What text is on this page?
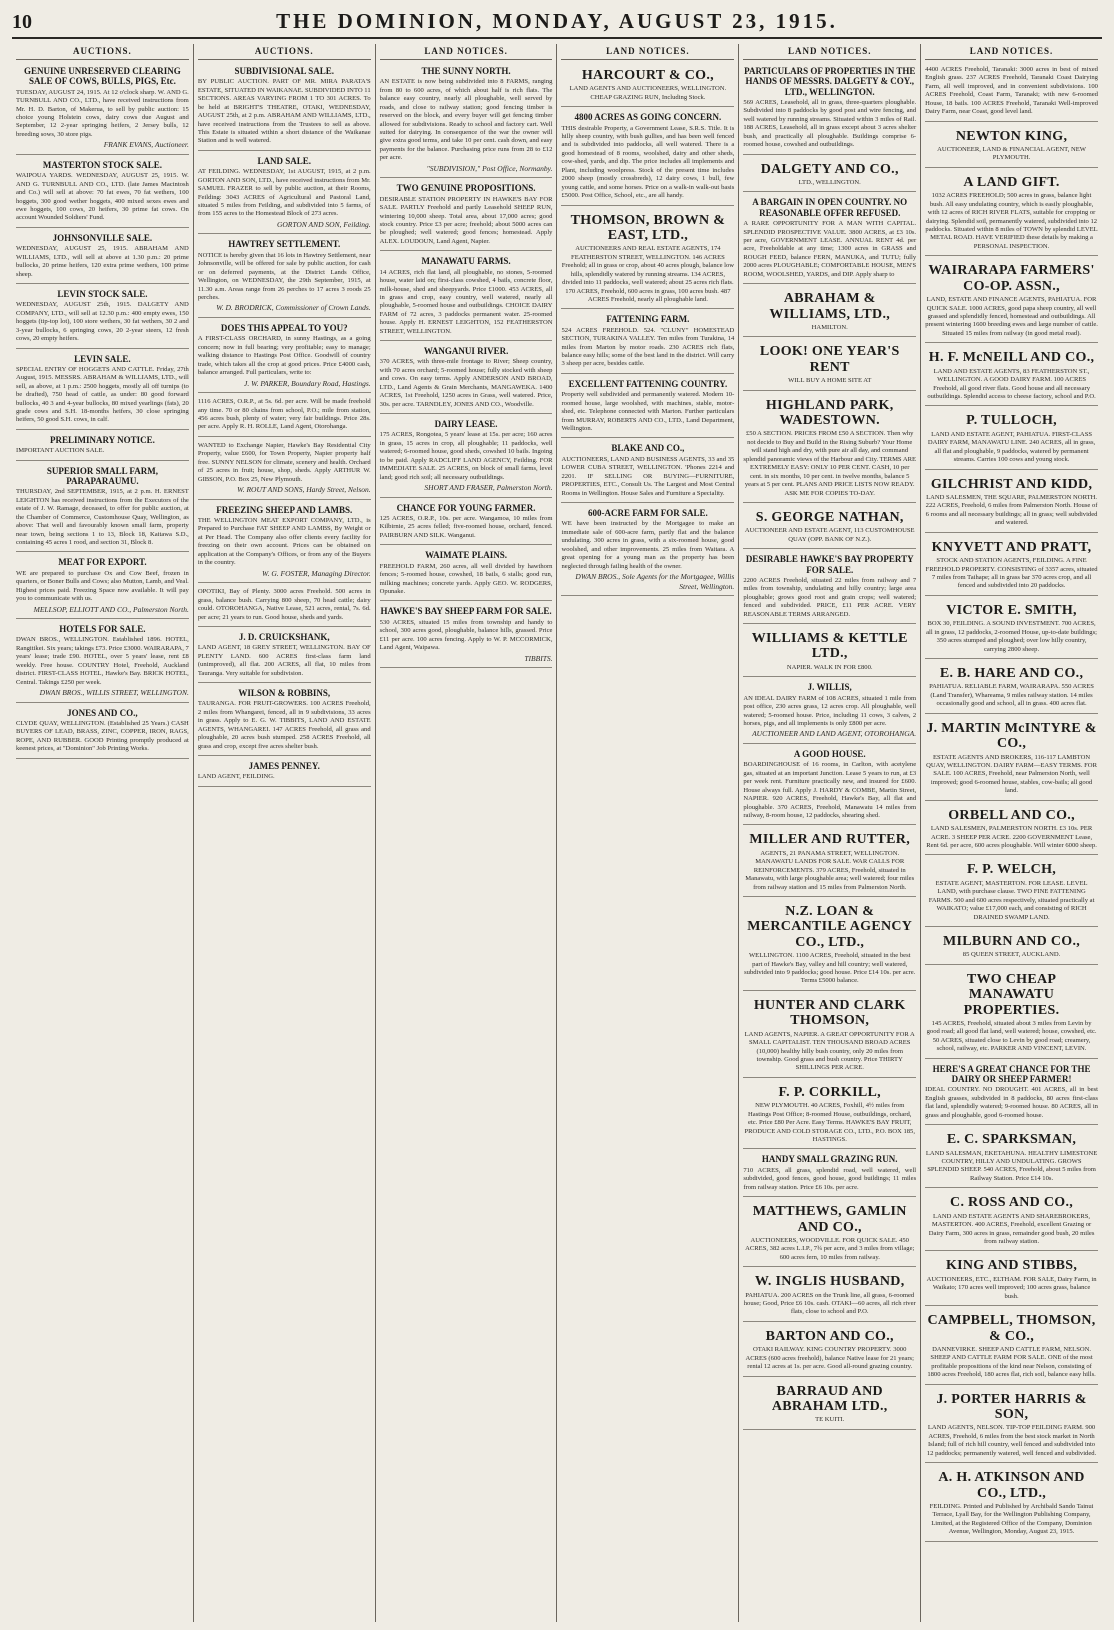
10	THE DOMINION, MONDAY, AUGUST 23, 1915.
AUCTIONS.
GENUINE UNRESERVED CLEARING SALE OF COWS, BULLS, PIGS, Etc.

TUESDAY, AUGUST 24, 1915. At 12 o'clock sharp. W. AND G. TURNBULL AND CO., LTD., have received instructions from Mr. H. D. Barton, of Makerua, to sell by public auction: 15 choice young Holstein cows, dairy cows due August and September, 12 2-year springing heifers, 2 Jersey bulls, 12 breeding sows, 30 store pigs.

FRANK EVANS, Auctioneer.

MASTERTON STOCK SALE.

WAIPOUA YARDS. WEDNESDAY, AUGUST 25, 1915. W. AND G. TURNBULL AND CO., LTD. (late James Macintosh and Co.) will sell at above: 70 fat ewes, 70 fat wethers, 100 hoggets, 300 good wether hoggets, 400 mixed sexes ewes and ewe hoggets, 100 cows, 20 heifers, 30 prime fat cows. On account Wounded Soldiers' Fund.

JOHNSONVILLE SALE.

WEDNESDAY, AUGUST 25, 1915. ABRAHAM AND WILLIAMS, LTD., will sell at above at 1.30 p.m.: 20 prime bullocks, 20 prime heifers, 120 extra prime wethers, 100 prime sheep.

LEVIN STOCK SALE.

WEDNESDAY, AUGUST 25th, 1915. DALGETY AND COMPANY, LTD., will sell at 12.30 p.m.: 400 empty ewes, 150 hoggets (tip-top lot), 100 store wethers, 30 fat wethers, 30 2 and 3-year bullocks, 6 springing cows, 20 2-year steers, 12 fresh cows, 20 empty heifers.

LEVIN SALE.

SPECIAL ENTRY OF HOGGETS AND CATTLE. Friday, 27th August, 1915. MESSRS. ABRAHAM & WILLIAMS, LTD., will sell, as above, at 1 p.m.: 2500 hoggets, mostly all off turnips (to be drafted), 750 head of cattle, as under: 80 good forward bullocks, 40 3 and 4-year bullocks, 80 mixed yearlings (fats), 20 grade cows and S.H. 18-months heifers, 30 close springing heifers, 50 good S.H. cows, in calf.

PRELIMINARY NOTICE.

IMPORTANT AUCTION SALE.

SUPERIOR SMALL FARM, PARAPARAUMU.

THURSDAY, 2nd SEPTEMBER, 1915, at 2 p.m. H. ERNEST LEIGHTON has received instructions from the Executors of the estate of J. W. Ramage, deceased, to offer for public auction, at the Chamber of Commerce, Customhouse Quay, Wellington, as above: That well and favourably known small farm, property near town, being sections 1 to 13, Block 18, Kaitawa S.D., containing 45 acres 1 rood, and section 31, Block 8.

MEAT FOR EXPORT.

WE are prepared to purchase Ox and Cow Beef, frozen in quarters, or Boner Bulls and Cows; also Mutton, Lamb, and Veal. Highest prices paid. Freezing Space now available. It will pay you to communicate with us.

MELLSOP, ELLIOTT AND CO., Palmerston North.

HOTELS FOR SALE.

DWAN BROS., WELLINGTON. Established 1896. HOTEL, Rangitikei. Six years; takings £73. Price £3000. WAIRARAPA, 7 years' lease; trade £90. HOTEL, over 5 years' lease, rent £8 weekly. Free house. COUNTRY Hotel, Freehold, Auckland district. FIRST-CLASS HOTEL, Hawke's Bay. BRICK HOTEL, Central. Takings £250 per week.

DWAN BROS., WILLIS STREET, WELLINGTON.

JONES AND CO.,

CLYDE QUAY, WELLINGTON. (Established 25 Years.) CASH BUYERS OF LEAD, BRASS, ZINC, COPPER, IRON, RAGS, ROPE, AND RUBBER. GOOD Printing promptly produced at keenest prices, at "Dominion" Job Printing Works.

AUCTIONS.
SUBDIVISIONAL SALE.

BY PUBLIC AUCTION. PART OF MR. MIRA PARATA'S ESTATE, SITUATED IN WAIKANAE. SUBDIVIDED INTO 11 SECTIONS. AREAS VARYING FROM 1 TO 301 ACRES. To be held at BRIGHT'S THEATRE, OTAKI, WEDNESDAY, AUGUST 25th, at 2 p.m. ABRAHAM AND WILLIAMS, LTD., have received instructions from the Trustees to sell as above. This Estate is situated within a short distance of the Waikanae Station and is well watered.

LAND SALE.

AT FEILDING. WEDNESDAY, 1st AUGUST, 1915, at 2 p.m. GORTON AND SON, LTD., have received instructions from Mr. SAMUEL FRAZER to sell by public auction, at their Rooms, Feilding: 3043 ACRES of Agricultural and Pastoral Land, situated 5 miles from Feilding, and subdivided into 5 farms, of from 155 acres to the Homestead Block of 273 acres.

GORTON AND SON, Feilding.

HAWTREY SETTLEMENT.

NOTICE is hereby given that 16 lots in Hawtrey Settlement, near Johnsonville, will be offered for sale by public auction, for cash or on deferred payments, at the District Lands Office, Wellington, on WEDNESDAY, the 29th September, 1915, at 11.30 a.m. Areas range from 26 perches to 17 acres 3 roods 25 perches.

W. D. BRODRICK, Commissioner of Crown Lands.

DOES THIS APPEAL TO YOU?

A FIRST-CLASS ORCHARD, in sunny Hastings, as a going concern; now in full bearing; very profitable; easy to manage; walking distance to Hastings Post Office. Goodwill of country trade, which takes all the crop at good prices. Price £4000 cash, balance arranged. Full particulars, write to:

J. W. PARKER, Boundary Road, Hastings.

1116 ACRES, O.R.P., at 5s. 6d. per acre. Will be made freehold any time. 70 or 80 chains from school, P.O.; mile from station, 456 acres bush, plenty of water; very fair buildings. Price 28s. per acre. Apply R. H. ROLLE, Land Agent, Otorohanga.

WANTED to Exchange Napier, Hawke's Bay Residential City Property, value £600, for Town Property, Napier property half free. SUNNY NELSON for climate, scenery and health. Orchard of 25 acres in fruit; house, shop, sheds. Apply ARTHUR W. GIBSON, P.O. Box 25, New Plymouth.

W. ROUT AND SONS, Hardy Street, Nelson.

FREEZING SHEEP AND LAMBS.

THE WELLINGTON MEAT EXPORT COMPANY, LTD., is Prepared to Purchase FAT SHEEP AND LAMBS, By Weight or at Per Head. The Company also offer clients every facility for freezing on their own account. Prices can be obtained on application at the Company's Offices, or from any of the Buyers in the country.

W. G. FOSTER, Managing Director.

OPOTIKI, Bay of Plenty. 3000 acres Freehold. 500 acres in grass, balance bush. Carrying 800 sheep, 70 head cattle; dairy could. OTOROHANGA, Native Lease, 521 acres, rental, 7s. 6d. per acre; 21 years to run. Good house, sheds and yards.

J. D. CRUICKSHANK,

LAND AGENT, 18 GREY STREET, WELLINGTON. BAY OF PLENTY LAND. 600 ACRES first-class farm land (unimproved), all flat. 200 ACRES, all flat, 10 miles from Tauranga. Very suitable for subdivision.

WILSON & ROBBINS,

TAURANGA. FOR FRUIT-GROWERS. 100 ACRES Freehold, 2 miles from Whangarei, fenced, all in 9 subdivisions, 33 acres in grass. Apply to E. G. W. TIBBITS, LAND AND ESTATE AGENTS, WHANGAREI. 147 ACRES Freehold, all grass and ploughable, 20 acres bush stumped. 258 ACRES Freehold, all grass and crop, except five acres shelter bush.

JAMES PENNEY.

LAND AGENT, FEILDING.

LAND NOTICES.
THE SUNNY NORTH.

AN ESTATE is now being subdivided into 8 FARMS, ranging from 80 to 600 acres, of which about half is rich flats. The balance easy country, nearly all ploughable, well served by roads, and close to railway station; good fencing timber is reserved on the block, and every buyer will get fencing timber allowed for subdivisions. Ready to school and factory cart. Well suited for dairying. In consequence of the war the owner will give extra good terms, and take 10 per cent. cash down, and easy payments for the balance. Purchasing price runs from 28 to £12 per acre.

"SUBDIVISION," Post Office, Normanby.

TWO GENUINE PROPOSITIONS.

DESIRABLE STATION PROPERTY IN HAWKE'S BAY FOR SALE. PARTLY Freehold and partly Leasehold SHEEP RUN, wintering 10,000 sheep. Total area, about 17,000 acres; good stock country. Price £3 per acre; freehold; about 5000 acres can be ploughed; well watered; good fences; homestead. Apply ALEX. LOUDOUN, Land Agent, Napier.

MANAWATU FARMS.

14 ACRES, rich flat land, all ploughable, no stones, 5-roomed house, water laid on; first-class cowshed, 4 bails, concrete floor, milk-house, shed and sheepyards. Price £1000. 453 ACRES, all in grass and crop, easy country, well watered, nearly all ploughable, 5-roomed house and outbuildings. CHOICE DAIRY FARM of 72 acres, 3 paddocks permanent water. 25-roomed house. Apply H. ERNEST LEIGHTON, 152 FEATHERSTON STREET, WELLINGTON.

WANGANUI RIVER.

370 ACRES, with three-mile frontage to River; Sheep country, with 70 acres orchard; 5-roomed house; fully stocked with sheep and cows. On easy terms. Apply ANDERSON AND BROAD, LTD., Land Agents & Grain Merchants, MANGAWEKA. 1400 ACRES, 1st Freehold, 1250 acres in Grass, well watered. Price, 30s. per acre. TARNDLEY, JONES AND CO., Woodville.

DAIRY LEASE.

175 ACRES, Rongotea, 5 years' lease at 15s. per acre; 160 acres in grass, 15 acres in crop, all ploughable; 11 paddocks, well watered; 6-roomed house, good sheds, cowshed 10 bails. Ingoing to be paid. Apply RADCLIFF LAND AGENCY, Feilding. FOR IMMEDIATE SALE. 25 ACRES, on block of small farms, level land; good rich soil; all necessary outbuildings.

SHORT AND FRASER, Palmerston North.

CHANCE FOR YOUNG FARMER.

125 ACRES, O.R.P., 10s. per acre. Wangamoa, 10 miles from Kilbirnie, 25 acres felled; five-roomed house, orchard, fenced. PAIRBURN AND SILK. Wanganui.

WAIMATE PLAINS.

FREEHOLD FARM, 260 acres, all well divided by hawthorn fences; 5-roomed house, cowshed, 18 bails, 6 stalls; good run, milking machines; concrete yards. Apply GEO. W. RODGERS, Opunake.

HAWKE'S BAY SHEEP FARM FOR SALE.

530 ACRES, situated 15 miles from township and handy to school, 300 acres good, ploughable, balance hills, grassed. Price £11 per acre. 100 acres fencing. Apply to W. P. MCCORMICK, Land Agent, Waipawa.

TIBBITS.

LAND NOTICES.
HARCOURT & CO.,

LAND AGENTS AND AUCTIONEERS, WELLINGTON. CHEAP GRAZING RUN, Including Stock.

4800 ACRES AS GOING CONCERN.

THIS desirable Property, a Government Lease, S.R.S. Title. It is hilly sheep country, with bush gullies, and has been well fenced and is subdivided into paddocks, all well watered. There is a good homestead of 8 rooms, woolshed, dairy and other sheds, cow-shed, yards, and dip. The price includes all implements and Plant, including woolpress. Stock of the present time includes 2000 sheep (mostly crossbreds), 12 dairy cows, 1 bull, few young cattle, and some horses. Price on a walk-in walk-out basis £5000. Post Office, School, etc., are all handy.

THOMSON, BROWN & EAST, LTD.,

AUCTIONEERS AND REAL ESTATE AGENTS, 174 FEATHERSTON STREET, WELLINGTON. 146 ACRES Freehold; all in grass or crop, about 40 acres plough, balance low hills, splendidly watered by running streams. 134 ACRES, divided into 11 paddocks, well watered; about 25 acres rich flats. 170 ACRES, Freehold, 600 acres in grass, 100 acres bush. 487 ACRES Freehold, nearly all ploughable land.

FATTENING FARM.

524 ACRES FREEHOLD. 524. "CLUNY" HOMESTEAD SECTION, TURAKINA VALLEY. Ten miles from Turakina, 14 miles from Marton by motor roads. 230 ACRES rich flats, balance easy hills; some of the best land in the district. Will carry 3 sheep per acre, besides cattle.

EXCELLENT FATTENING COUNTRY.

Property well subdivided and permanently watered. Modern 10-roomed house, large woolshed, with machines, stable, motor-shed, etc. Telephone connected with Marton. Further particulars from MURRAY, ROBERTS AND CO., LTD., Land Department, Wellington.

BLAKE AND CO.,

AUCTIONEERS, LAND AND BUSINESS AGENTS, 33 and 35 LOWER CUBA STREET, WELLINGTON. 'Phones 2214 and 2201. IF SELLING OR BUYING—FURNITURE, PROPERTIES, ETC., Consult Us. The Largest and Most Central Rooms in Wellington. House Sales and Furniture a Speciality.

600-ACRE FARM FOR SALE.

WE have been instructed by the Mortgagee to make an immediate sale of 600-acre farm, partly flat and the balance undulating. 300 acres in grass, with a six-roomed house, good woolshed, and other improvements. 25 miles from Waitara. A great opening for a young man as the property has been neglected through failing health of the owner.

DWAN BROS., Sole Agents for the Mortgagee, Willis Street, Wellington.

LAND NOTICES.
PARTICULARS OF PROPERTIES IN THE HANDS OF MESSRS. DALGETY & COY., LTD., WELLINGTON.

569 ACRES, Leasehold, all in grass, three-quarters ploughable. Subdivided into 8 paddocks by good post and wire fencing, and well watered by running streams. Situated within 3 miles of Rail. 188 ACRES, Leasehold, all in grass except about 3 acres shelter bush, and practically all ploughable. Buildings comprise 6-roomed house, cowshed and outbuildings.

DALGETY AND CO.,

LTD., WELLINGTON.

A BARGAIN IN OPEN COUNTRY. NO REASONABLE OFFER REFUSED.

A RARE OPPORTUNITY FOR A MAN WITH CAPITAL. SPLENDID PROSPECTIVE VALUE. 3800 ACRES, at £3 10s. per acre, GOVERNMENT LEASE. ANNUAL RENT 4d. per acre, Freeholdable at any time; 1300 acres in GRASS and ROUGH FEED, balance FERN, MANUKA, and TUTU; fully 2000 acres PLOUGHABLE; COMFORTABLE HOUSE, MEN'S ROOM, WOOLSHED, YARDS, and DIP. Apply sharp to

ABRAHAM & WILLIAMS, LTD.,

HAMILTON.

LOOK! ONE YEAR'S RENT

WILL BUY A HOME SITE AT

HIGHLAND PARK, WADESTOWN.

£50 A SECTION. PRICES FROM £50 A SECTION. Then why not decide to Buy and Build in the Rising Suburb? Your Home will stand high and dry, with pure air all day, and command splendid panoramic views of the Harbour and City. TERMS ARE EXTREMELY EASY: ONLY 10 PER CENT. CASH, 10 per cent. in six months, 10 per cent. in twelve months, balance 5 years at 5 per cent. PLANS AND PRICE LISTS NOW READY. ASK ME FOR COPIES TO-DAY.

S. GEORGE NATHAN,

AUCTIONEER AND ESTATE AGENT, 113 CUSTOMHOUSE QUAY (OPP. BANK OF N.Z.).

DESIRABLE HAWKE'S BAY PROPERTY FOR SALE.

2200 ACRES Freehold, situated 22 miles from railway and 7 miles from township, undulating and hilly country; large area ploughable; grows good root and grain crops; well watered; fenced and subdivided. PRICE, £11 PER ACRE. VERY REASONABLE TERMS ARRANGED.

WILLIAMS & KETTLE LTD.,

NAPIER. WALK IN FOR £800.

J. WILLIS,

AN IDEAL DAIRY FARM of 108 ACRES, situated 1 mile from post office, 230 acres grass, 12 acres crop. All ploughable, well watered; 5-roomed house. Price, including 11 cows, 3 calves, 2 horses, pigs, and all implements is only £800 per acre.

AUCTIONEER AND LAND AGENT, OTOROHANGA.

A GOOD HOUSE.

BOARDINGHOUSE of 16 rooms, in Carlton, with acetylene gas, situated at an important Junction. Lease 5 years to run, at £3 per week rent. Furniture practically new, and insured for £600. House always full. Apply J. HARDY & COMBE, Martin Street, NAPIER. 920 ACRES, Freehold, Hawke's Bay, all flat and ploughable. 370 ACRES, Freehold, Manawatu 14 miles from railway, 8-room house, 12 paddocks, shearing shed.

MILLER AND RUTTER,

AGENTS, 21 PANAMA STREET, WELLINGTON. MANAWATU LANDS FOR SALE. WAR CALLS FOR REINFORCEMENTS. 379 ACRES, Freehold, situated in Manawatu, with large ploughable area; well watered; four miles from railway station and 15 miles from Palmerston North.

N.Z. LOAN & MERCANTILE AGENCY CO., LTD.,

WELLINGTON. 1100 ACRES, Freehold, situated in the best part of Hawke's Bay, valley and hill country; well watered, subdivided into 9 paddocks; good house. Price £14 10s. per acre. Terms £5000 balance.

HUNTER AND CLARK THOMSON,

LAND AGENTS, NAPIER. A GREAT OPPORTUNITY FOR A SMALL CAPITALIST. TEN THOUSAND BROAD ACRES (10,000) healthy hilly bush country, only 20 miles from township. Good grass and bush country. Price THIRTY SHILLINGS PER ACRE.

F. P. CORKILL,

NEW PLYMOUTH. 40 ACRES, Foxhill, 4½ miles from Hastings Post Office; 8-roomed House, outbuildings, orchard, etc. Price £80 Per Acre. Easy Terms. HAWKE'S BAY FRUIT, PRODUCE AND COLD STORAGE CO., LTD., P.O. BOX 185, HASTINGS.

HANDY SMALL GRAZING RUN.

710 ACRES, all grass, splendid road, well watered, well subdivided, good fences, good house, good buildings; 11 miles from railway station. Price £6 10s. per acre.

MATTHEWS, GAMLIN AND CO.,

AUCTIONEERS, WOODVILLE. FOR QUICK SALE. 450 ACRES, 382 acres L.I.P., 7¾ per acre, and 3 miles from village; 600 acres fern, 10 miles from railway.

W. INGLIS HUSBAND,

PAHIATUA. 200 ACRES on the Trunk line, all grass, 6-roomed house; Good, Price £6 10s. cash. OTAKI—60 acres, all rich river flats, close to school and P.O.

BARTON AND CO.,

OTAKI RAILWAY. KING COUNTRY PROPERTY. 3000 ACRES (600 acres freehold), balance Native lease for 21 years; rental 12 acres at 1s. per acre. Good all-round grazing country.

BARRAUD AND ABRAHAM LTD.,

TE KUITI.

LAND NOTICES.

4400 ACRES Freehold, Taranaki: 3000 acres in best of mixed English grass. 237 ACRES Freehold, Taranaki Coast Dairying Farm, all well improved, and in convenient subdivisions. 100 ACRES Freehold, Coast Farm, Taranaki; with new 6-roomed House, 18 bails. 100 ACRES Freehold, Taranaki Well-improved Dairy Farm, near Coast, good level land.

NEWTON KING,

AUCTIONEER, LAND & FINANCIAL AGENT, NEW PLYMOUTH.

A LAND GIFT.

1032 ACRES FREEHOLD; 500 acres in grass, balance light bush. All easy undulating country, which is easily ploughable, with 12 acres of RICH RIVER FLATS, suitable for cropping or dairying. Splendid soil, permanently watered, subdivided into 12 paddocks. Situated within 8 miles of TOWN by splendid LEVEL METAL ROAD. HAVE VERIFIED these details by making a PERSONAL INSPECTION.

WAIRARAPA FARMERS' CO-OP. ASSN.,

LAND, ESTATE AND FINANCE AGENTS, PAHIATUA. FOR QUICK SALE. 1000 ACRES, good papa sheep country, all well grassed and splendidly fenced, homestead and outbuildings. All present wintering 1600 breeding ewes and large number of cattle. Situated 15 miles from railway (in good metal road).

H. F. McNEILL AND CO.,

LAND AND ESTATE AGENTS, 83 FEATHERSTON ST., WELLINGTON. A GOOD DAIRY FARM. 100 ACRES Freehold, all good river flats. Good house and all necessary outbuildings. Splendid access to cheese factory, school and P.O.

P. TULLOCH,

LAND AND ESTATE AGENT, PAHIATUA. FIRST-CLASS DAIRY FARM, MANAWATU LINE. 240 ACRES, all in grass, all flat and ploughable, 9 paddocks, watered by permanent streams. Carries 100 cows and young stock.

GILCHRIST AND KIDD,

LAND SALESMEN, THE SQUARE, PALMERSTON NORTH. 222 ACRES, Freehold, 6 miles from Palmerston North. House of 6 rooms and all necessary buildings; all in grass; well subdivided and watered.

KNYVETT AND PRATT,

STOCK AND STATION AGENTS, FEILDING. A FINE FREEHOLD PROPERTY. CONSISTING of 3357 acres, situated 7 miles from Taihape; all in grass bar 370 acres crop, and all fenced and subdivided into 20 paddocks.

VICTOR E. SMITH,

BOX 30, FEILDING. A SOUND INVESTMENT. 700 ACRES, all in grass, 12 paddocks, 2-roomed House, up-to-date buildings; 350 acres stumped and ploughed; over low hilly country, carrying 2800 sheep.

E. B. HARE AND CO.,

PAHIATUA. RELIABLE FARM, WAIRARAPA. 550 ACRES (Land Transfer), Whareama, 9 miles railway station. 14 miles occasionally good and school, all in grass. 400 acres flat.

J. MARTIN McINTYRE & CO.,

ESTATE AGENTS AND BROKERS, 116-117 LAMBTON QUAY, WELLINGTON. DAIRY FARM—EASY TERMS. FOR SALE. 100 ACRES, Freehold, near Palmerston North, well improved; good 6-roomed house, stables, cow-bails; all good land.

ORBELL AND CO.,

LAND SALESMEN, PALMERSTON NORTH. £3 10s. PER ACRE. 3 SHEEP PER ACRE. 2200 GOVERNMENT Lease, Rent 6d. per acre, 600 acres ploughable. Will winter 6000 sheep.

F. P. WELCH,

ESTATE AGENT, MASTERTON. FOR LEASE. LEVEL LAND, with purchase clause. TWO FINE FATTENING FARMS. 500 and 600 acres respectively, situated practically at WAIKATO; value £17,000 each, and consisting of RICH DRAINED SWAMP LAND.

MILBURN AND CO.,

85 QUEEN STREET, AUCKLAND.

TWO CHEAP MANAWATU PROPERTIES.

145 ACRES, Freehold, situated about 3 miles from Levin by good road; all good flat land, well watered; house, cowshed, etc. 50 ACRES, situated close to Levin by good road; creamery, school, railway, etc. PARKER AND VINCENT, LEVIN.

HERE'S A GREAT CHANCE FOR THE DAIRY OR SHEEP FARMER!

IDEAL COUNTRY. NO DROUGHT. 401 ACRES, all in best English grasses, subdivided in 8 paddocks, 80 acres first-class flat land, splendidly watered; 9-roomed house. 80 ACRES, all in grass and ploughable, good 6-roomed house.

E. C. SPARKSMAN,

LAND SALESMAN, EKETAHUNA. HEALTHY LIMESTONE COUNTRY, HILLY AND UNDULATING. GROWS SPLENDID SHEEP. 540 ACRES, Freehold, about 5 miles from Railway Station. Price £14 10s.

C. ROSS AND CO.,

LAND AND ESTATE AGENTS AND SHAREBROKERS, MASTERTON. 400 ACRES, Freehold, excellent Grazing or Dairy Farm, 300 acres in grass, remainder good bush, 20 miles from railway station.

KING AND STIBBS,

AUCTIONEERS, ETC., ELTHAM. FOR SALE, Dairy Farm, in Waikato; 170 acres well improved; 100 acres grass, balance bush.

CAMPBELL, THOMSON, & CO.,

DANNEVIRKE. SHEEP AND CATTLE FARM, NELSON. SHEEP AND CATTLE FARM FOR SALE. ONE of the most profitable propositions of the kind near Nelson, consisting of 1800 acres Freehold, 180 acres flat, rich soil, balance easy hills.

J. PORTER HARRIS & SON,

LAND AGENTS, NELSON. TIP-TOP FEILDING FARM. 900 ACRES, Freehold, 6 miles from the best stock market in North Island; full of rich hill country, well fenced and subdivided into 12 paddocks; permanently watered, well fenced and subdivided.

A. H. ATKINSON AND CO., LTD.,

FEILDING. Printed and Published by Archibald Sando Tainui Terrace, Lyall Bay, for the Wellington Publishing Company, Limited, at the Registered Office of the Company, Dominion Avenue, Wellington, Monday, August 23, 1915.
